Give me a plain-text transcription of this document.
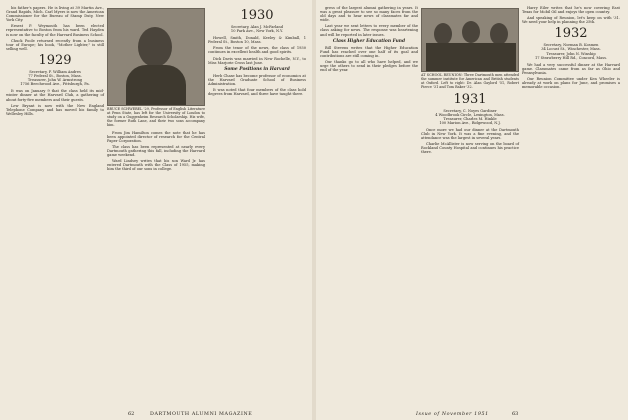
his father's papers. He is living at 39 Martin Ave., Grand Rapids, Mich. Carl Myers is now the American Commissioner for the Bureau of Stamp Duty, New York City.

Ernest P. Weymouth has been elected representative to Boston from his ward. Ted Hayden is now on the faculty of the Harvard Business School.

Chuck Poole returned recently from a business tour of Europe; his book, "Mother Lighter," is still selling well.

1929
Secretary, F. William Andres
77 Federal St., Boston, Mass.
Treasurer, John W. Armstrong
1756 Beechwood Ave., Pittsburgh, Pa.

It was on January 9 that the class held its mid-winter dinner at the Harvard Club, a gathering of about forty-five members and their guests.

Lew Bryant is now with the New England Telephone Company and has moved his family to Wellesley Hills.

BRUCE SCHWEBEL '29, Professor of English Literature at Penn State, has left for the University of London to study on a Guggenheim Research Scholarship. His wife, the former Ruth Lane, and their two sons accompany him.

From Jim Hamilton comes the note that he has been appointed director of research for the Central Paper Corporation.

The class has been represented at nearly every Dartmouth gathering this fall, including the Harvard game weekend.

Ward Lindsey writes that his son Ward Jr. has entered Dartmouth with the Class of 1955, making him the third of our sons in college.

1930
Secretary, Alan J. McFarland
10 Park Ave., New York, N.Y.

Howell, Smith, Donald, Keeley & Kimball, 1 Federal St., Boston 10, Mass.

From the tenor of the news, the class of 1930 continues in excellent health and good spirits.

Dick Davis was married in New Rochelle, N.Y., to Miss Marjorie Cross last June.

Some Positions in Harvard

Herb Chase has become professor of economics at the Harvard Graduate School of Business Administration.

It was noted that four members of the class hold degrees from Harvard, and three have taught there.

62	DARTMOUTH ALUMNI MAGAZINE

gress of the largest alumni gathering in years. It was a great pleasure to see so many faces from the old days and to hear news of classmates far and wide.

Last year we sent letters to every member of the class asking for news. The response was heartening and will be reported in later issues.

Class Higher Education Fund

Bill Stevens writes that the Higher Education Fund has reached over one half of its goal and contributions are still coming in.

Our thanks go to all who have helped, and we urge the others to send in their pledges before the end of the year.

AT SCHOOL REUNION: Three Dartmouth men attended the summer institute for American and British students at Oxford. Left to right: Dr. Alan Gaylord '51, Robert Pierce '31 and Tom Baker '32.
1931
Secretary, C. Noyes Gardiner
4 Woodbrook Circle, Lexington, Mass.
Treasurer, Charles M. Hinkle
100 Marion Ave., Ridgewood, N.J.

Once more we had our dinner at the Dartmouth Club in New York. It was a fine evening, and the attendance was the largest in several years.

Charlie McAllister is now serving on the board of Rockland County Hospital and continues his practice there.

Harry Eiler writes that he's now covering East Texas for Mobil Oil and enjoys the open country.

And speaking of Reunion, let's keep on with '31. We need your help in planning the 25th.

1932
Secretary, Norman B. Kosmen
34 Locust St., Winchester, Mass.
Treasurer, John N. Winship
17 Strawberry Hill Rd., Concord, Mass.

We had a very successful dinner at the Harvard game. Classmates came from as far as Ohio and Pennsylvania.

Our Reunion Committee under Ken Wheeler is already at work on plans for June, and promises a memorable occasion.

Issue of November 1951	63
